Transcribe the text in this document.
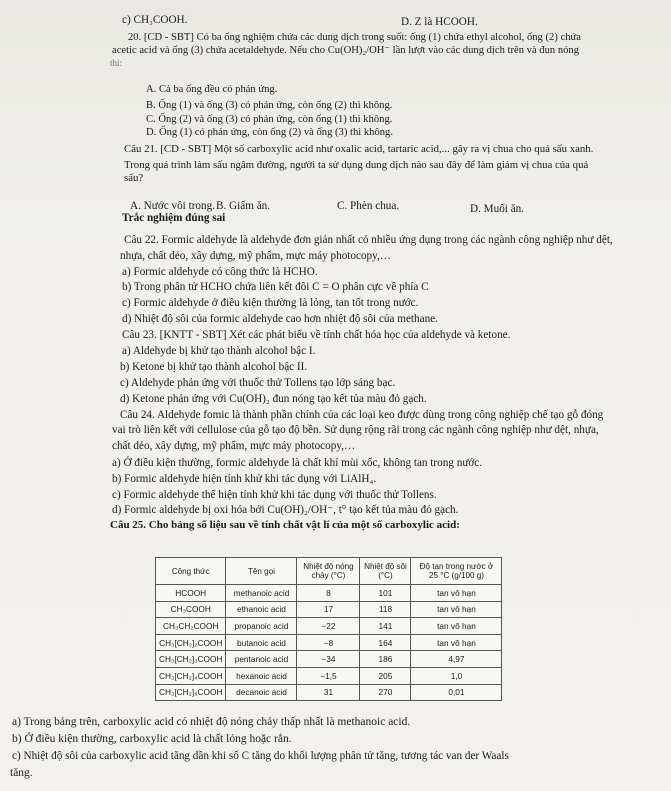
c) CH₃COOH.	D. Z là HCOOH.
20. [CD - SBT] Có ba ống nghiệm chứa các dung dịch trong suốt: ống (1) chứa ethyl alcohol, ống (2) chứa
acetic acid và ống (3) chứa acetaldehyde. Nếu cho Cu(OH)₂/OH⁻ lần lượt vào các dung dịch trên và đun nóng
thì:
A. Cả ba ống đều có phản ứng.
B. Ống (1) và ống (3) có phản ứng, còn ống (2) thì không.
C. Ống (2) và ống (3) có phản ứng, còn ống (1) thì không.
D. Ống (1) có phản ứng, còn ống (2) và ống (3) thì không.
Câu 21. [CD - SBT] Một số carboxylic acid như oxalic acid, tartaric acid,... gây ra vị chua cho quả sấu xanh.
Trong quá trình làm sấu ngâm đường, người ta sử dụng dung dịch nào sau đây để làm giảm vị chua của quả
sấu?
A. Nước vôi trong. B. Giấm ăn.	C. Phèn chua.	D. Muối ăn.
Trắc nghiệm đúng sai
Câu 22. Formic aldehyde là aldehyde đơn giản nhất có nhiều ứng dụng trong các ngành công nghiệp như dệt,
nhựa, chất dẻo, xây dựng, mỹ phẩm, mực máy photocopy,…
a) Formic aldehyde có công thức là HCHO.
b) Trong phân tử HCHO chứa liên kết đôi C = O phân cực về phía C
c) Formic aldehyde ở điều kiện thường là lỏng, tan tốt trong nước.
d) Nhiệt độ sôi của formic aldehyde cao hơn nhiệt độ sôi của methane.
Câu 23. [KNTT - SBT] Xét các phát biểu về tính chất hóa học của aldehyde và ketone.
a) Aldehyde bị khử tạo thành alcohol bậc I.
b) Ketone bị khử tạo thành alcohol bậc II.
c) Aldehyde phản ứng với thuốc thử Tollens tạo lớp sáng bạc.
d) Ketone phản ứng với Cu(OH)₂ đun nóng tạo kết tủa màu đỏ gạch.
Câu 24. Aldehyde fomic là thành phần chính của các loại keo được dùng trong công nghiệp chế tạo gỗ đóng
vai trò liên kết với cellulose của gỗ tạo độ bền. Sử dụng rộng rãi trong các ngành công nghiệp như dệt, nhựa,
chất dẻo, xây dựng, mỹ phẩm, mực máy photocopy,…
a) Ở điều kiện thường, formic aldehyde là chất khí mùi xốc, không tan trong nước.
b) Formic aldehyde hiện tính khử khi tác dụng với LiAlH₄.
c) Formic aldehyde thể hiện tính khử khi tác dụng với thuốc thử Tollens.
d) Formic aldehyde bị oxi hóa bởi Cu(OH)₂/OH⁻, t° tạo kết tủa màu đỏ gạch.
Câu 25. Cho bảng số liệu sau về tính chất vật lí của một số carboxylic acid:
Công thức	Tên gọi	Nhiệt độ nóng chảy (°C)	Nhiệt độ sôi (°C)	Độ tan trong nước ở 25 °C (g/100 g)
HCOOH	methanoic acid	8	101	tan vô hạn
CH₃COOH	ethanoic acid	17	118	tan vô hạn
CH₃CH₂COOH	propanoic acid	−22	141	tan vô hạn
CH₃[CH₂]₂COOH	butanoic acid	−8	164	tan vô hạn
CH₃[CH₂]₃COOH	pentanoic acid	−34	186	4,97
CH₃[CH₂]₄COOH	hexanoic acid	−1,5	205	1,0
CH₃[CH₂]₆COOH	decanoic acid	31	270	0,01
a) Trong bảng trên, carboxylic acid có nhiệt độ nóng chảy thấp nhất là methanoic acid.
b) Ở điều kiện thường, carboxylic acid là chất lỏng hoặc rắn.
c) Nhiệt độ sôi của carboxylic acid tăng dần khi số C tăng do khối lượng phân tử tăng, tương tác van der Waals
tăng.
